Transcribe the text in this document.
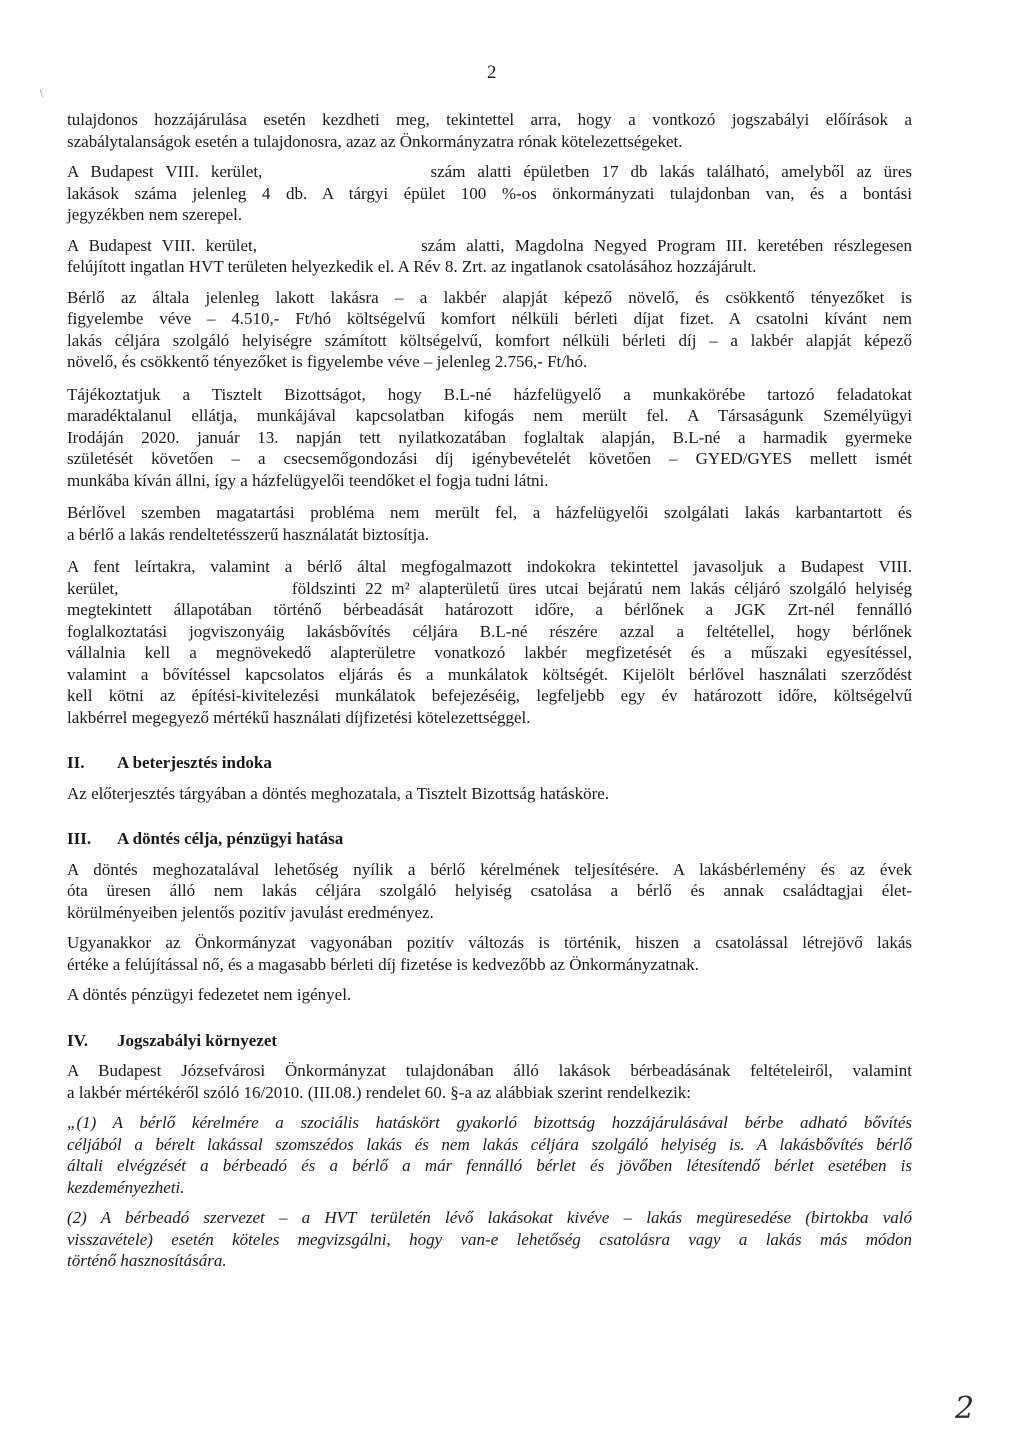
\
2

tulajdonos hozzájárulása esetén kezdheti meg, tekintettel arra, hogy a vontkozó jogszabályi előírások a
szabálytalanságok esetén a tulajdonosra, azaz az Önkormányzatra rónak kötelezettségeket.

A Budapest VIII. kerület,              szám alatti épületben 17 db lakás található, amelyből az üres
lakások száma jelenleg 4 db. A tárgyi épület 100 %-os önkormányzati tulajdonban van, és a bontási
jegyzékben nem szerepel.

A Budapest VIII. kerület,                szám alatti, Magdolna Negyed Program III. keretében részlegesen
felújított ingatlan HVT területen helyezkedik el. A Rév 8. Zrt. az ingatlanok csatolásához hozzájárult.

Bérlő az általa jelenleg lakott lakásra – a lakbér alapját képező növelő, és csökkentő tényezőket is
figyelembe véve – 4.510,- Ft/hó költségelvű komfort nélküli bérleti díjat fizet. A csatolni kívánt nem
lakás céljára szolgáló helyiségre számított költségelvű, komfort nélküli bérleti díj – a lakbér alapját képező
növelő, és csökkentő tényezőket is figyelembe véve – jelenleg 2.756,- Ft/hó.

Tájékoztatjuk a Tisztelt Bizottságot, hogy B.L-né házfelügyelő a munkakörébe tartozó feladatokat
maradéktalanul ellátja, munkájával kapcsolatban kifogás nem merült fel. A Társaságunk Személyügyi
Irodáján 2020. január 13. napján tett nyilatkozatában foglaltak alapján, B.L-né a harmadik gyermeke
születését követően – a csecsemőgondozási díj igénybevételét követően – GYED/GYES mellett ismét
munkába kíván állni, így a házfelügyelői teendőket el fogja tudni látni.

Bérlővel szemben magatartási probléma nem merült fel, a házfelügyelői szolgálati lakás karbantartott és
a bérlő a lakás rendeltetésszerű használatát biztosítja.

A fent leírtakra, valamint a bérlő által megfogalmazott indokokra tekintettel javasoljuk a Budapest VIII.
kerület,                   földszinti 22 m² alapterületű üres utcai bejáratú nem lakás céljáró szolgáló helyiség
megtekintett állapotában történő bérbeadását határozott időre, a bérlőnek a JGK Zrt-nél fennálló
foglalkoztatási jogviszonyáig lakásbővítés céljára B.L-né részére azzal a feltétellel, hogy bérlőnek
vállalnia kell a megnövekedő alapterületre vonatkozó lakbér megfizetését és a műszaki egyesítéssel,
valamint a bővítéssel kapcsolatos eljárás és a munkálatok költségét. Kijelölt bérlővel használati szerződést
kell kötni az építési-kivitelezési munkálatok befejezéséig, legfeljebb egy év határozott időre, költségelvű
lakbérrel megegyező mértékű használati díjfizetési kötelezettséggel.

II. A beterjesztés indoka

Az előterjesztés tárgyában a döntés meghozatala, a Tisztelt Bizottság hatásköre.

III. A döntés célja, pénzügyi hatása

A döntés meghozatalával lehetőség nyílik a bérlő kérelmének teljesítésére. A lakásbérlemény és az évek
óta üresen álló nem lakás céljára szolgáló helyiség csatolása a bérlő és annak családtagjai élet-
körülményeiben jelentős pozitív javulást eredményez.

Ugyanakkor az Önkormányzat vagyonában pozitív változás is történik, hiszen a csatolással létrejövő lakás
értéke a felújítással nő, és a magasabb bérleti díj fizetése is kedvezőbb az Önkormányzatnak.

A döntés pénzügyi fedezetet nem igényel.

IV. Jogszabályi környezet

A Budapest Józsefvárosi Önkormányzat tulajdonában álló lakások bérbeadásának feltételeiről, valamint
a lakbér mértékéről szóló 16/2010. (III.08.) rendelet 60. §-a az alábbiak szerint rendelkezik:

„(1) A bérlő kérelmére a szociális hatáskört gyakorló bizottság hozzájárulásával bérbe adható bővítés
céljából a bérelt lakással szomszédos lakás és nem lakás céljára szolgáló helyiség is. A lakásbővítés bérlő
általi elvégzését a bérbeadó és a bérlő a már fennálló bérlet és jövőben létesítendő bérlet esetében is
kezdeményezheti.

(2) A bérbeadó szervezet – a HVT területén lévő lakásokat kivéve – lakás megüresedése (birtokba való
visszavétele) esetén köteles megvizsgálni, hogy van-e lehetőség csatolásra vagy a lakás más módon
történő hasznosítására.

2
